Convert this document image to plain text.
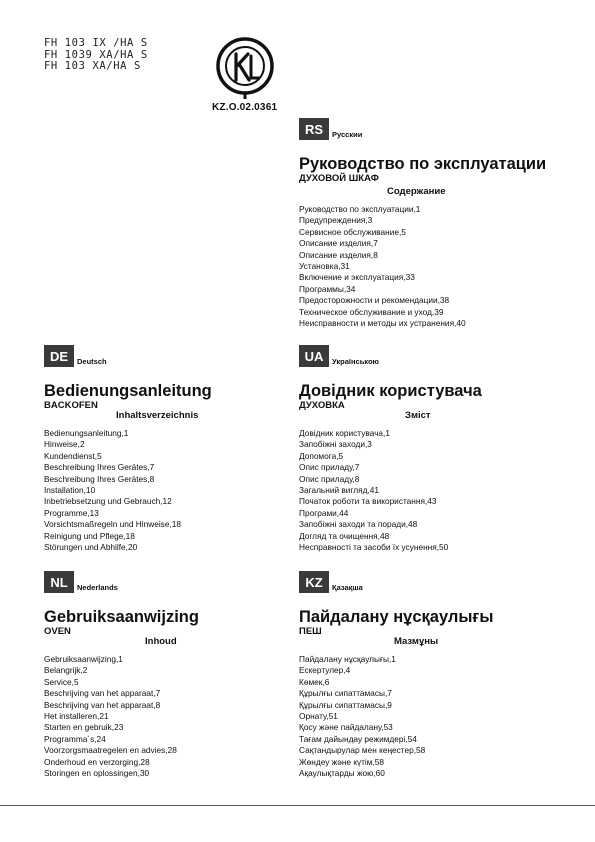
FH 103 IX /HA S
FH 1039 XA/HA S
FH 103 XA/HA S
KZ.O.02.0361
RS	Русскии
Руководство по эксплуатации
ДУХОВОЙ ШКАФ
Содержание
Руководство по эксплуатации,1
Предупреждения,3
Сервисное обслуживание,5
Описание изделия,7
Описание изделия,8
Установка,31
Включение и эксплуатация,33
Программы,34
Предосторожности и рекомендации,38
Техническое обслуживание и уход,39
Неисправности и методы их устранения,40
DE	Deutsch
Bedienungsanleitung
BACKOFEN
Inhaltsverzeichnis
Bedienungsanleitung,1
Hinweise,2
Kundendienst,5
Beschreibung Ihres Gerätes,7
Beschreibung Ihres Gerätes,8
Installation,10
Inbetriebsetzung und Gebrauch,12
Programme,13
Vorsichtsmaßregeln und Hinweise,18
Reinigung und Pflege,18
Störungen und Abhilfe,20
UA	Українською
Довідник користувача
ДУХОВКА
Зміст
Довідник користувача,1
Запобіжні заходи,3
Допомога,5
Опис приладу,7
Опис приладу,8
Загальний вигляд,41
Початок роботи та використання,43
Програми,44
Запобіжні заходи та поради,48
Догляд та очищення,48
Несправності та засоби їх усунення,50
NL	Nederlands
Gebruiksaanwijzing
OVEN
Inhoud
Gebruiksaanwijzing,1
Belangrijk,2
Service,5
Beschrijving van het apparaat,7
Beschrijving van het apparaat,8
Het installeren,21
Starten en gebruik,23
Programma´s,24
Voorzorgsmaatregelen en advies,28
Onderhoud en verzorging,28
Storingen en oplossingen,30
KZ	Қазақша
Пайдалану нұсқаулығы
ПЕШ
Мазмұны
Пайдалану нұсқаулығы,1
Ескертулер,4
Көмек,6
Құрылғы сипаттамасы,7
Құрылғы сипаттамасы,9
Орнату,51
Қосу және пайдалану,53
Тағам дайындау режимдері,54
Сақтандырулар мен кеңестер,58
Жөндеу және күтім,58
Ақаулықтарды жою,60
